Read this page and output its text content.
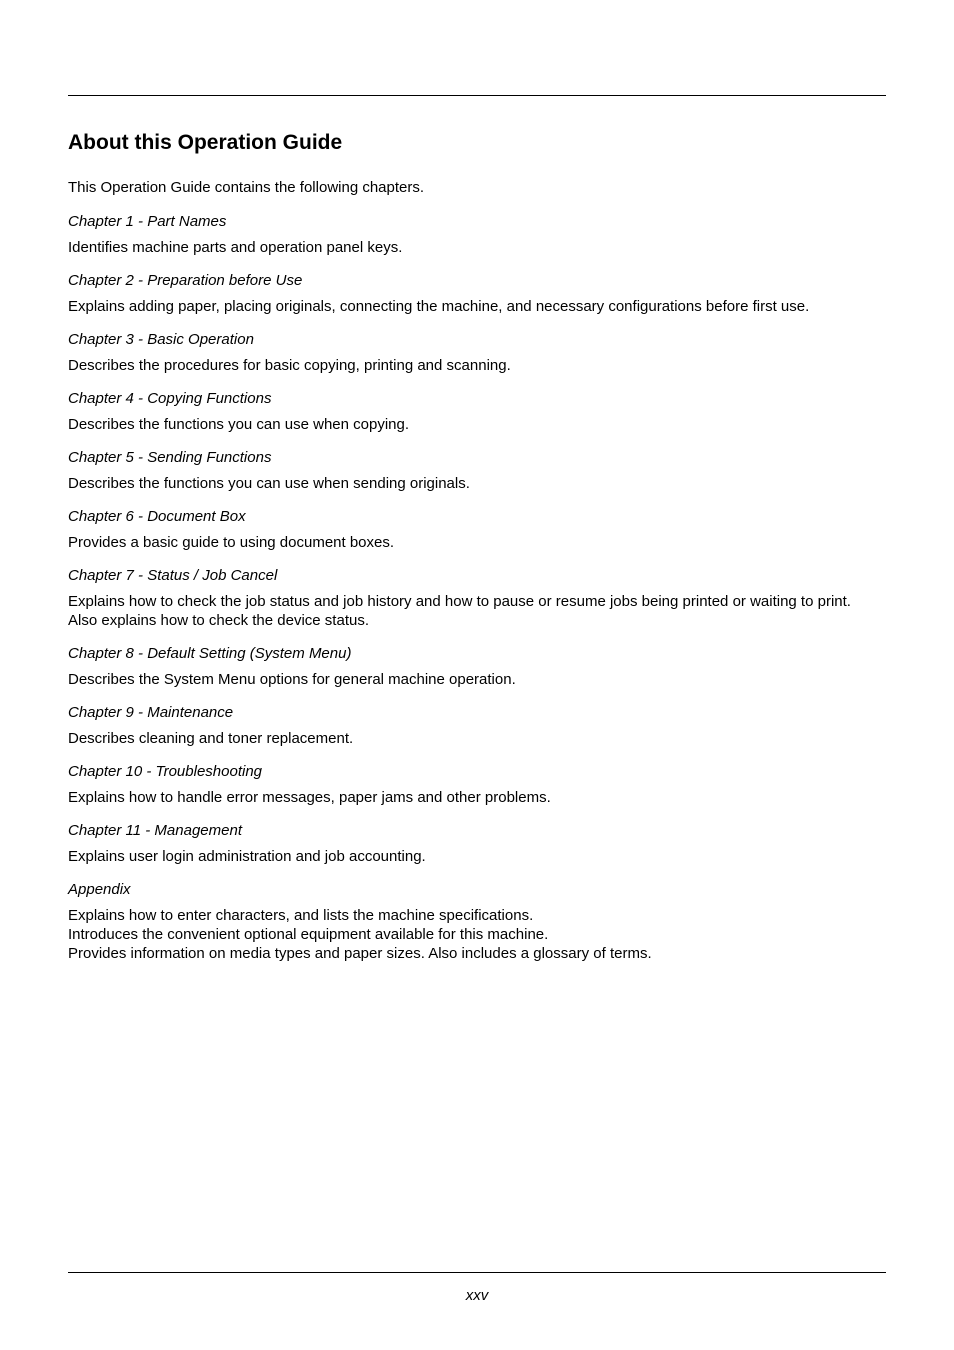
About this Operation Guide

This Operation Guide contains the following chapters.

Chapter 1 - Part Names

Identifies machine parts and operation panel keys.

Chapter 2 - Preparation before Use

Explains adding paper, placing originals, connecting the machine, and necessary configurations before first use.

Chapter 3 - Basic Operation

Describes the procedures for basic copying, printing and scanning.

Chapter 4 - Copying Functions

Describes the functions you can use when copying.

Chapter 5 - Sending Functions

Describes the functions you can use when sending originals.

Chapter 6 - Document Box

Provides a basic guide to using document boxes.

Chapter 7 - Status / Job Cancel

Explains how to check the job status and job history and how to pause or resume jobs being printed or waiting to print.
Also explains how to check the device status.

Chapter 8 - Default Setting (System Menu)

Describes the System Menu options for general machine operation.

Chapter 9 - Maintenance

Describes cleaning and toner replacement.

Chapter 10 - Troubleshooting

Explains how to handle error messages, paper jams and other problems.

Chapter 11 - Management

Explains user login administration and job accounting.

Appendix

Explains how to enter characters, and lists the machine specifications.
Introduces the convenient optional equipment available for this machine.
Provides information on media types and paper sizes. Also includes a glossary of terms.

xxv
